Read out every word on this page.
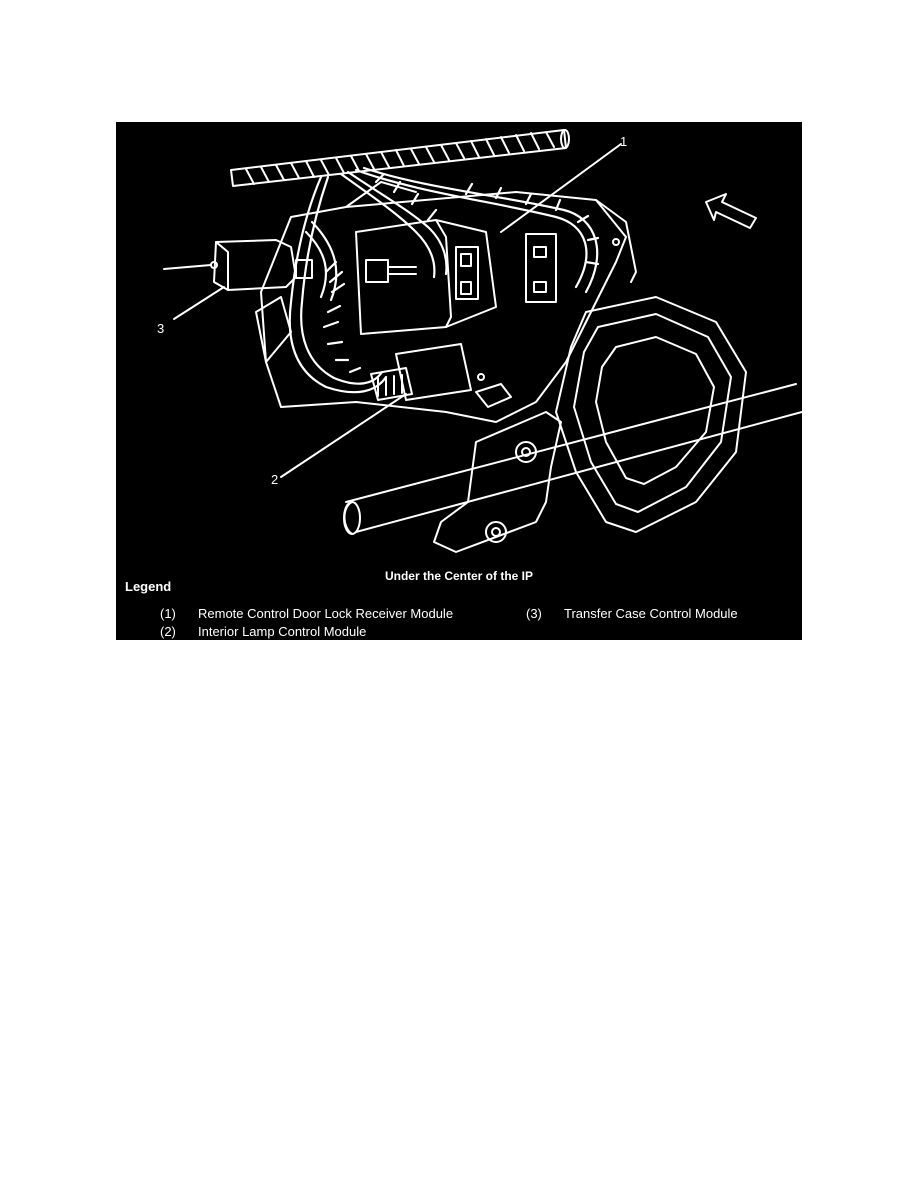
1
2
3
Under the Center of the IP
Legend
(1) Remote Control Door Lock Receiver Module
(2) Interior Lamp Control Module
(3) Transfer Case Control Module
